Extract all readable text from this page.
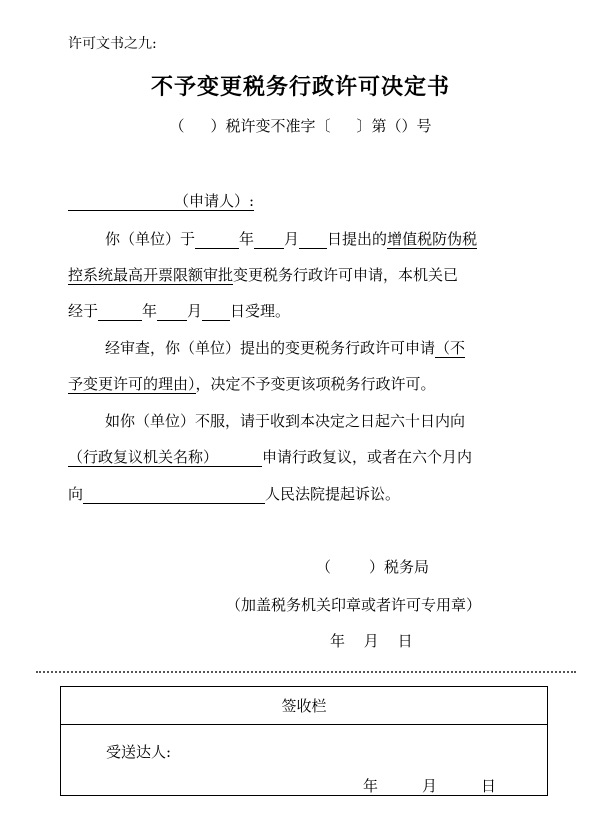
许可文书之九:
不予变更税务行政许可决定书
（ ）税许变不准字〔 〕第（）号
（申请人）:
你（单位）于	年 月 日提出的增值税防伪税
控系统最高开票限额审批变更税务行政许可申请，本机关已
经于	年 月 日受理。
经审查，你（单位）提出的变更税务行政许可申请（不
予变更许可的理由），决定不予变更该项税务行政许可。
如你（单位）不服，请于收到本决定之日起六十日内向
（行政复议机关名称）	申请行政复议，或者在六个月内
向	人民法院提起诉讼。
（	）税务局
（加盖税务机关印章或者许可专用章）
年 月 日
签收栏
受送达人:
年	月	日
